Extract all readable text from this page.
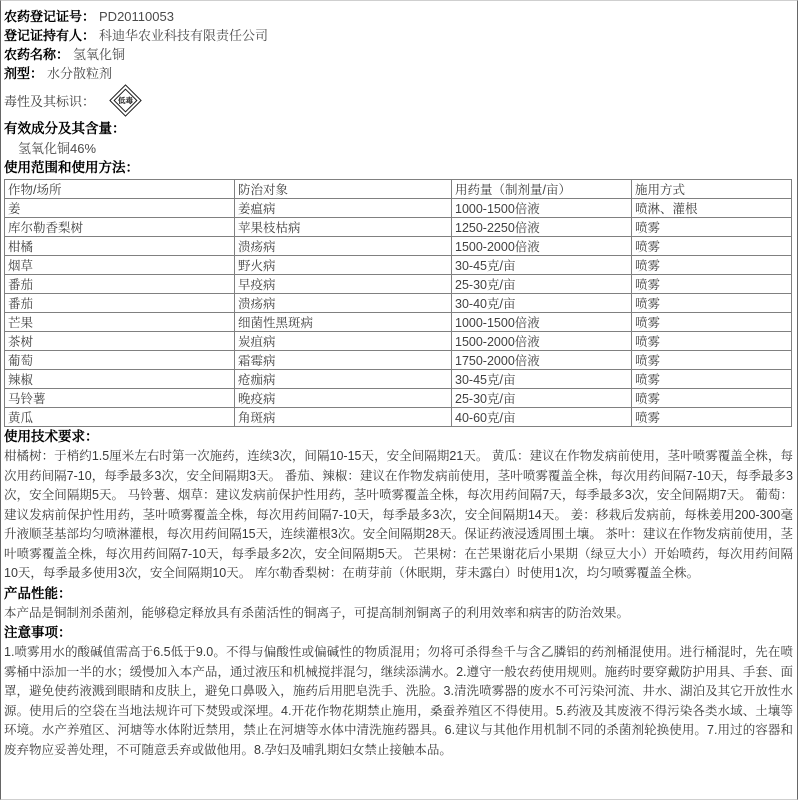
农药登记证号： PD20110053
登记证持有人： 科迪华农业科技有限责任公司
农药名称： 氢氧化铜
剂型： 水分散粒剂
毒性及其标识：	低毒
有效成分及其含量：
氢氧化铜46%
使用范围和使用方法：
作物/场所	防治对象	用药量（制剂量/亩）	施用方式
姜	姜瘟病	1000-1500倍液	喷淋、灌根
库尔勒香梨树	苹果枝枯病	1250-2250倍液	喷雾
柑橘	溃疡病	1500-2000倍液	喷雾
烟草	野火病	30-45克/亩	喷雾
番茄	早疫病	25-30克/亩	喷雾
番茄	溃疡病	30-40克/亩	喷雾
芒果	细菌性黑斑病	1000-1500倍液	喷雾
茶树	炭疽病	1500-2000倍液	喷雾
葡萄	霜霉病	1750-2000倍液	喷雾
辣椒	疮痂病	30-45克/亩	喷雾
马铃薯	晚疫病	25-30克/亩	喷雾
黄瓜	角斑病	40-60克/亩	喷雾
使用技术要求：
柑橘树：于梢约1.5厘米左右时第一次施药，连续3次，间隔10-15天，安全间隔期21天。 黄瓜：建议在作物发病前使用，茎叶喷雾覆盖全株，每次用药间隔7-10，每季最多3次，安全间隔期3天。 番茄、辣椒：建议在作物发病前使用，茎叶喷雾覆盖全株，每次用药间隔7-10天，每季最多3次，安全间隔期5天。 马铃薯、烟草：建议发病前保护性用药，茎叶喷雾覆盖全株，每次用药间隔7天，每季最多3次，安全间隔期7天。 葡萄：建议发病前保护性用药，茎叶喷雾覆盖全株，每次用药间隔7-10天，每季最多3次，安全间隔期14天。 姜：移栽后发病前，每株姜用200-300毫升液顺茎基部均匀喷淋灌根，每次用药间隔15天，连续灌根3次。安全间隔期28天。保证药液浸透周围土壤。 茶叶：建议在作物发病前使用，茎叶喷雾覆盖全株，每次用药间隔7-10天，每季最多2次，安全间隔期5天。 芒果树：在芒果谢花后小果期（绿豆大小）开始喷药，每次用药间隔10天，每季最多使用3次，安全间隔期10天。 库尔勒香梨树：在萌芽前（休眠期，芽未露白）时使用1次，均匀喷雾覆盖全株。
产品性能：
本产品是铜制剂杀菌剂，能够稳定释放具有杀菌活性的铜离子，可提高制剂铜离子的利用效率和病害的防治效果。
注意事项：
1.喷雾用水的酸碱值需高于6.5低于9.0。不得与偏酸性或偏碱性的物质混用；勿将可杀得叁千与含乙膦铝的药剂桶混使用。进行桶混时，先在喷雾桶中添加一半的水；缓慢加入本产品，通过液压和机械搅拌混匀，继续添满水。2.遵守一般农药使用规则。施药时要穿戴防护用具、手套、面罩，避免使药液溅到眼睛和皮肤上，避免口鼻吸入，施药后用肥皂洗手、洗脸。3.清洗喷雾器的废水不可污染河流、井水、湖泊及其它开放性水源。使用后的空袋在当地法规许可下焚毁或深埋。4.开花作物花期禁止施用，桑蚕养殖区不得使用。5.药液及其废液不得污染各类水域、土壤等环境。水产养殖区、河塘等水体附近禁用，禁止在河塘等水体中清洗施药器具。6.建议与其他作用机制不同的杀菌剂轮换使用。7.用过的容器和废弃物应妥善处理，不可随意丢弃或做他用。8.孕妇及哺乳期妇女禁止接触本品。
